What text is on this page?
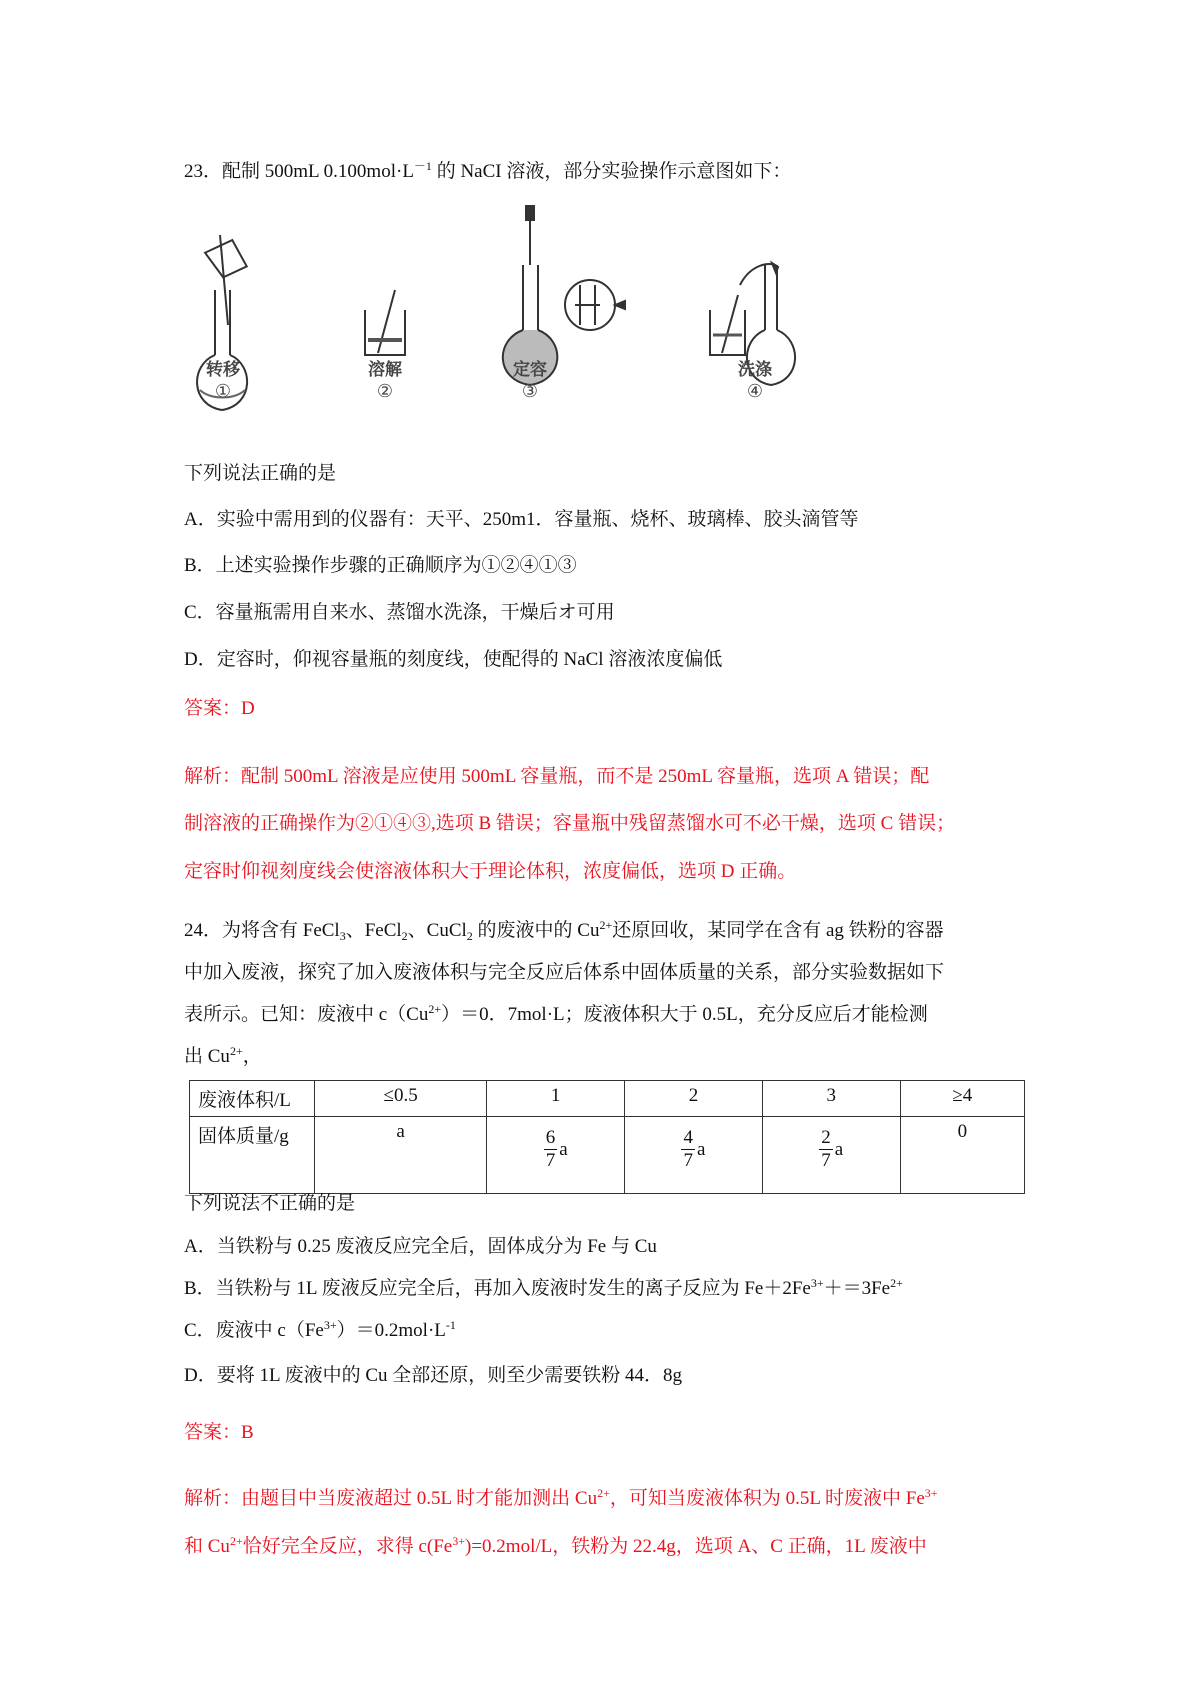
23．配制 500mL $0.100mol\cdot L^{-1}$ 的 NaCI 溶液，部分实验操作示意图如下：
转移
①
溶解
②
定容
③
洗涤
④
下列说法正确的是
A．实验中需用到的仪器有：天平、250m1．容量瓶、烧杯、玻璃棒、胶头滴管等
B．上述实验操作步骤的正确顺序为①②④①③
C．容量瓶需用自来水、蒸馏水洗涤，干燥后オ可用
D．定容时，仰视容量瓶的刻度线，使配得的 NaCl 溶液浓度偏低
答案：D
解析：配制 500mL 溶液是应使用 500mL 容量瓶，而不是 250mL 容量瓶，选项 A 错误；配
制溶液的正确操作为②①④③,选项 B 错误；容量瓶中残留蒸馏水可不必干燥，选项 C 错误；
定容时仰视刻度线会使溶液体积大于理论体积，浓度偏低，选项 D 正确。
24．为将含有 FeCl$_3$、FeCl$_2$、CuCl$_2$ 的废液中的 $Cu^{2+}$还原回收，某同学在含有 ag 铁粉的容器
中加入废液，探究了加入废液体积与完全反应后体系中固体质量的关系，部分实验数据如下
表所示。已知：废液中 $c(Cu^{2+})=0$．7mol·L；废液体积大于 0.5L，充分反应后才能检测
出 $Cu^{2+}$，
废液体积/L	≤0.5	1	2	3	≥4
固体质量/g	a	$\frac{6}{7}$ a	$\frac{4}{7}$ a	$\frac{2}{7}$ a	0
下列说法不正确的是
A．当铁粉与 0.25 废液反应完全后，固体成分为 Fe 与 Cu
B．当铁粉与 1L 废液反应完全后，再加入废液时发生的离子反应为 $Fe+2Fe^{3+}+=3Fe^{2+}$
C．废液中 $c(Fe^{3+})=0.2mol\cdot L^{-1}$
D．要将 1L 废液中的 Cu 全部还原，则至少需要铁粉 44．8g
答案：B
解析：由题目中当废液超过 0.5L 时才能加测出 $Cu^{2+}$，可知当废液体积为 0.5L 时废液中 $Fe^{3+}$
和 $Cu^{2+}$恰好完全反应，求得 $c(Fe^{3+})=0.2mol/L$，铁粉为 22.4g，选项 A、C 正确，1L 废液中
